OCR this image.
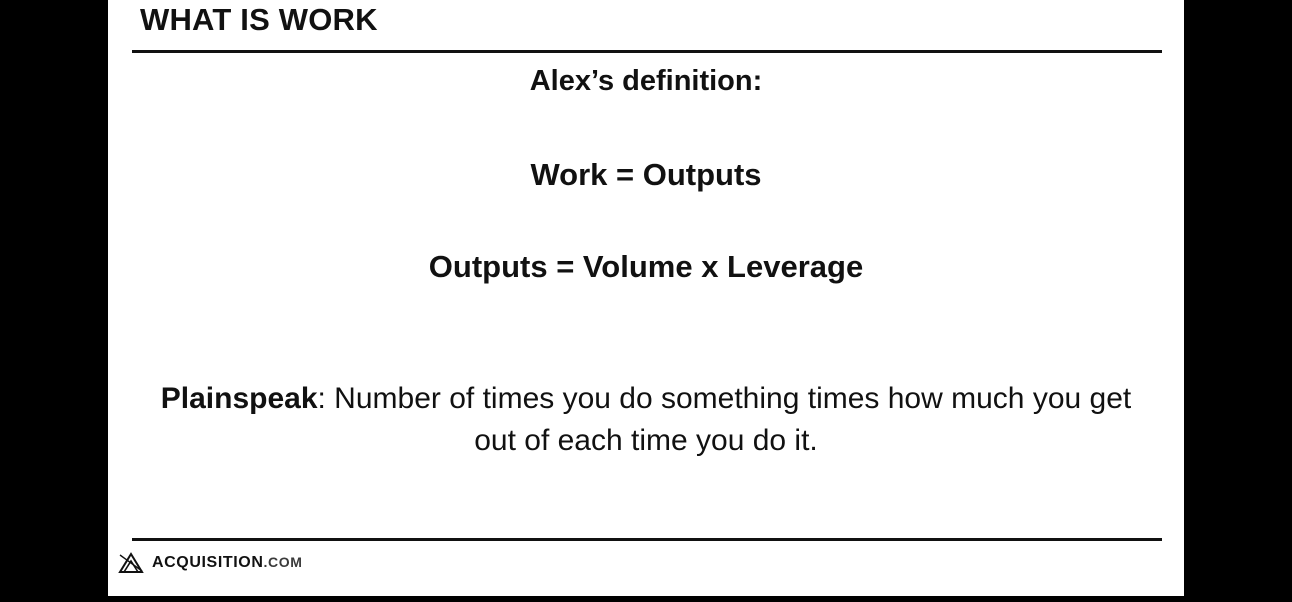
WHAT IS WORK

Alex’s definition:

Work = Outputs

Outputs = Volume x Leverage

Plainspeak: Number of times you do something times how much you get out of each time you do it.
ACQUISITION.COM
